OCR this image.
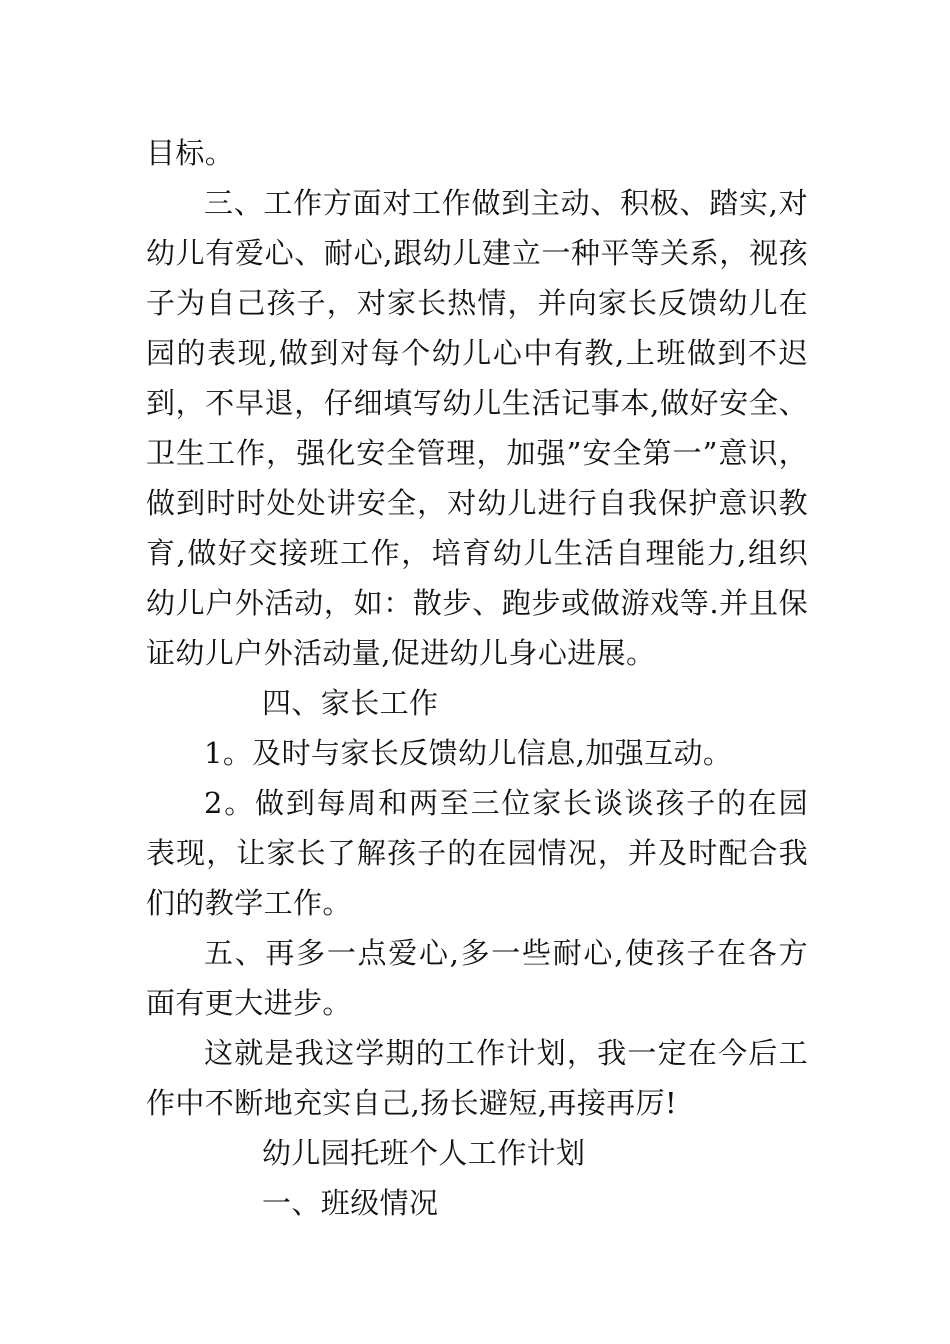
目标。

三、工作方面对工作做到主动、积极、踏实,对幼儿有爱心、耐心,跟幼儿建立一种平等关系，视孩子为自己孩子，对家长热情，并向家长反馈幼儿在园的表现,做到对每个幼儿心中有教,上班做到不迟到，不早退，仔细填写幼儿生活记事本,做好安全、卫生工作，强化安全管理，加强”安全第一”意识，做到时时处处讲安全，对幼儿进行自我保护意识教育,做好交接班工作，培育幼儿生活自理能力,组织幼儿户外活动，如：散步、跑步或做游戏等.并且保证幼儿户外活动量,促进幼儿身心进展。

四、家长工作

1。及时与家长反馈幼儿信息,加强互动。

2。做到每周和两至三位家长谈谈孩子的在园表现，让家长了解孩子的在园情况，并及时配合我们的教学工作。

五、再多一点爱心,多一些耐心,使孩子在各方面有更大进步。

这就是我这学期的工作计划，我一定在今后工作中不断地充实自己,扬长避短,再接再厉!

幼儿园托班个人工作计划

一、班级情况
